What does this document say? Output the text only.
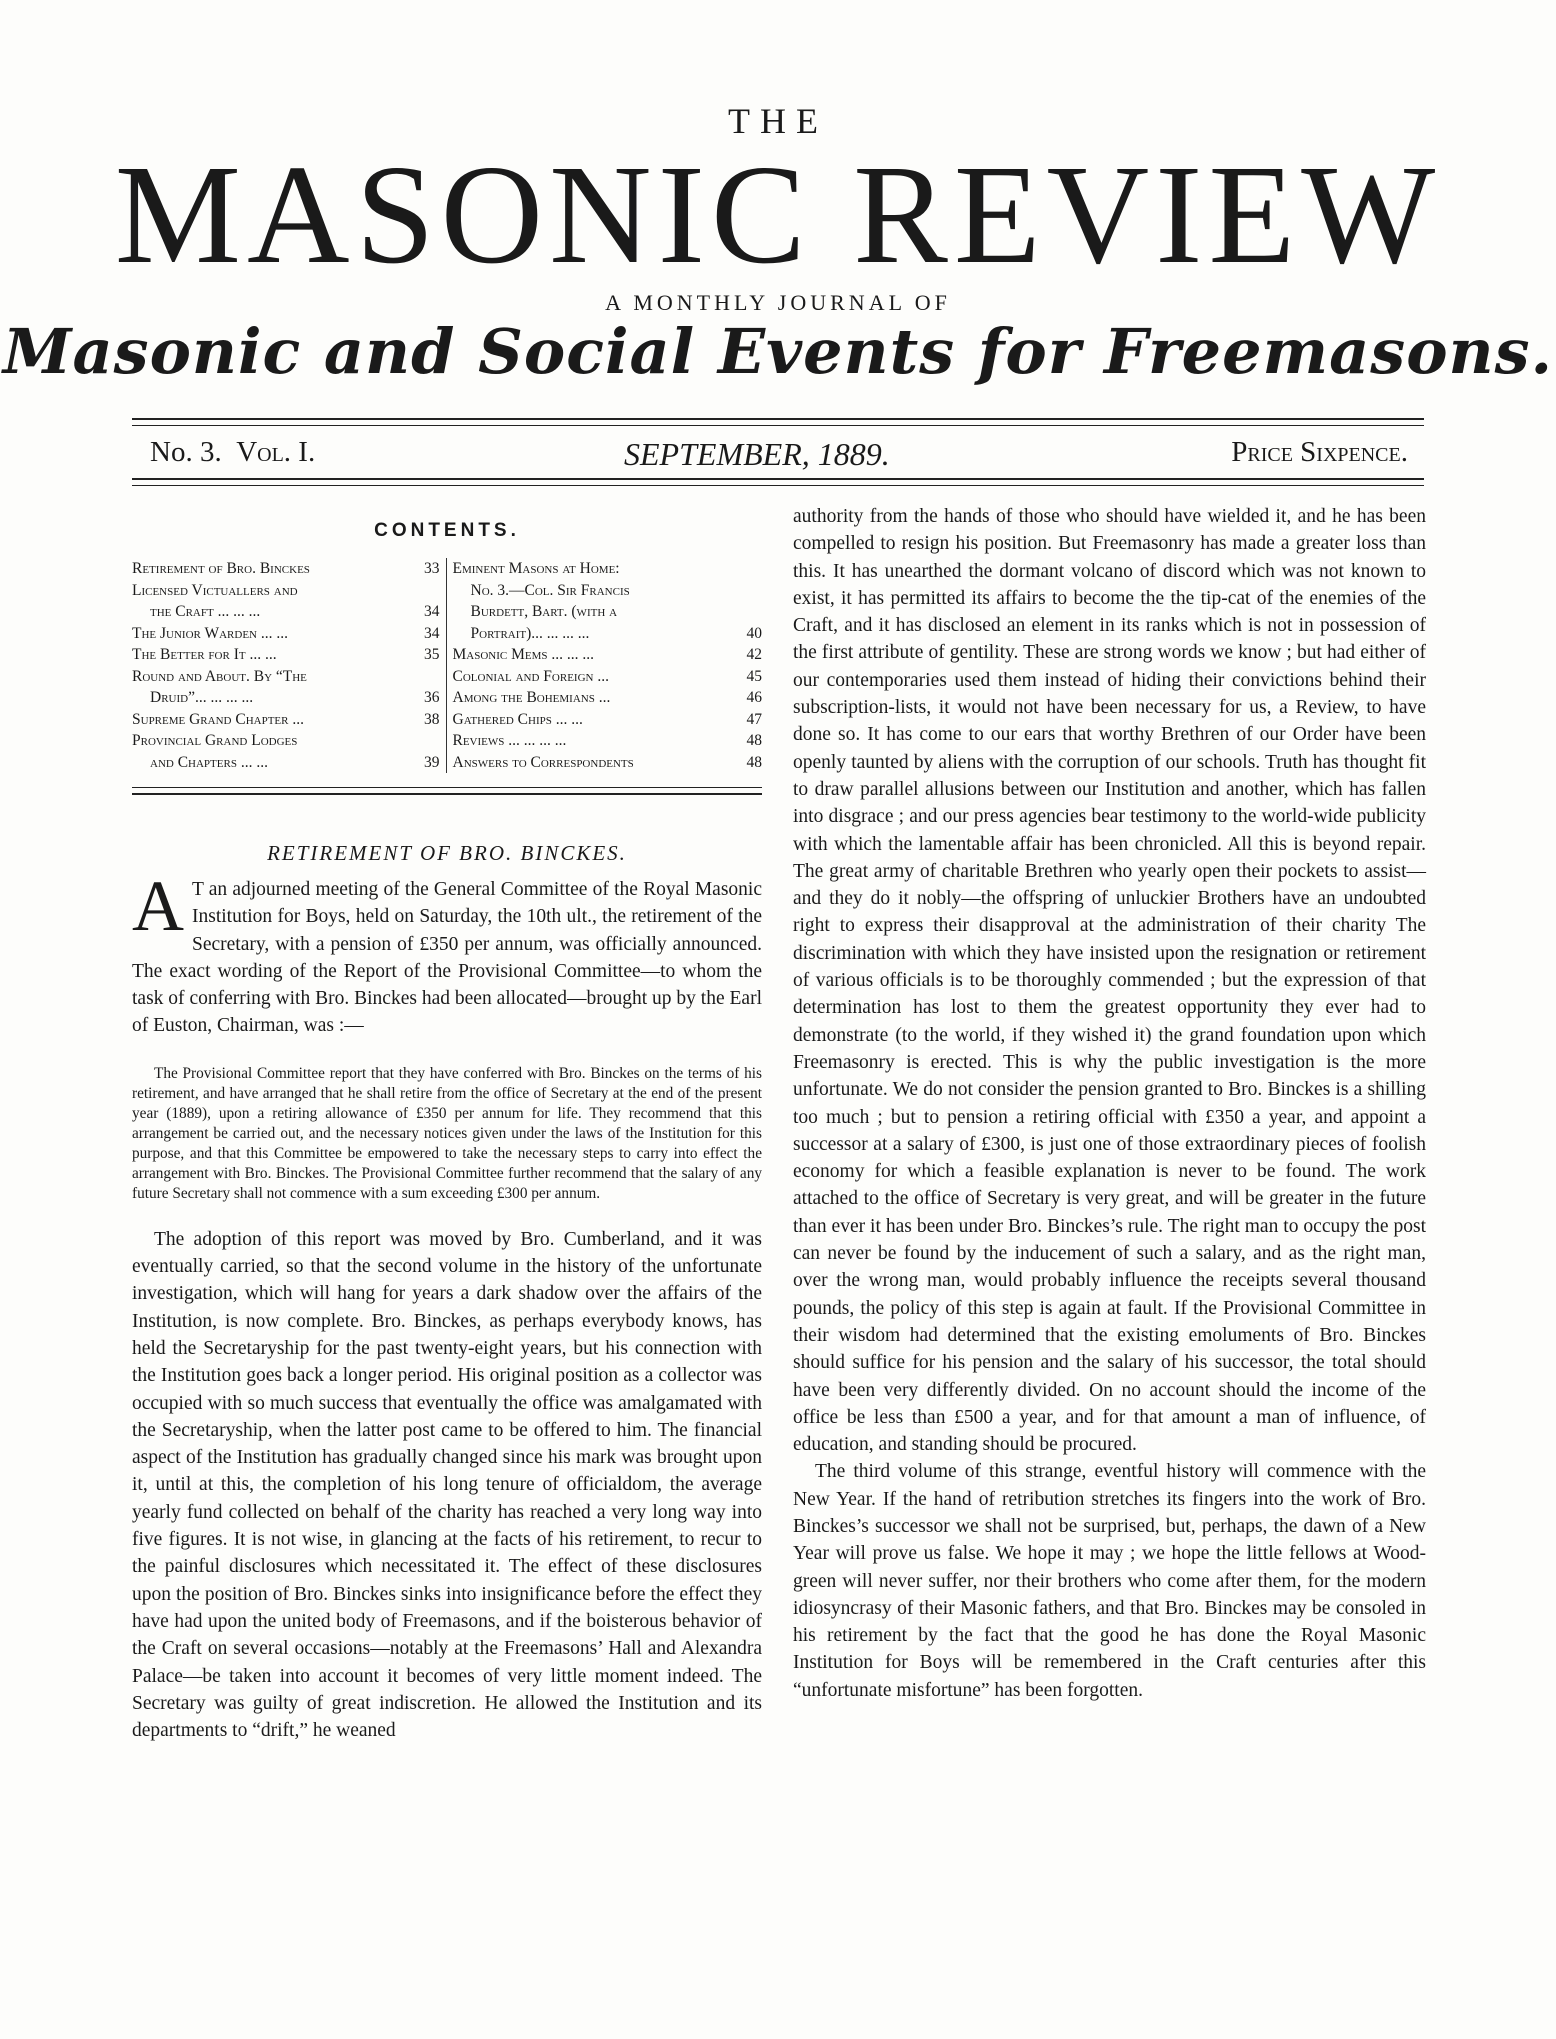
THE
MASONIC REVIEW
A MONTHLY JOURNAL OF
Masonic and Social Events for Freemasons.
No. 3. Vol. I.	SEPTEMBER, 1889.	Price Sixpence.
CONTENTS.
Retirement of Bro. Binckes	33
Licensed Victuallers and
the Craft ... ... ...	34
The Junior Warden ... ...	34
The Better for It ... ...	35
Round and About. By “The
Druid”... ... ... ...	36
Supreme Grand Chapter ...	38
Provincial Grand Lodges
and Chapters ... ...	39
Eminent Masons at Home:
No. 3.—Col. Sir Francis
Burdett, Bart. (with a
Portrait)... ... ... ...	40
Masonic Mems ... ... ...	42
Colonial and Foreign ...	45
Among the Bohemians ...	46
Gathered Chips ... ...	47
Reviews ... ... ... ...	48
Answers to Correspondents	48
RETIREMENT OF BRO. BINCKES.

A T an adjourned meeting of the General Committee of the Royal Masonic Institution for Boys, held on Saturday, the 10th ult., the retirement of the Secretary, with a pension of £350 per annum, was officially announced. The exact wording of the Report of the Provisional Committee—to whom the task of conferring with Bro. Binckes had been allocated—brought up by the Earl of Euston, Chairman, was :—

The Provisional Committee report that they have conferred with Bro. Binckes on the terms of his retirement, and have arranged that he shall retire from the office of Secretary at the end of the present year (1889), upon a retiring allowance of £350 per annum for life. They recommend that this arrangement be carried out, and the necessary notices given under the laws of the Institution for this purpose, and that this Committee be empowered to take the necessary steps to carry into effect the arrangement with Bro. Binckes. The Provisional Committee further recommend that the salary of any future Secretary shall not commence with a sum exceeding £300 per annum.

The adoption of this report was moved by Bro. Cumberland, and it was eventually carried, so that the second volume in the history of the unfortunate investigation, which will hang for years a dark shadow over the affairs of the Institution, is now complete. Bro. Binckes, as perhaps everybody knows, has held the Secretaryship for the past twenty-eight years, but his connection with the Institution goes back a longer period. His original position as a collector was occupied with so much success that eventually the office was amalgamated with the Secretaryship, when the latter post came to be offered to him. The financial aspect of the Institution has gradually changed since his mark was brought upon it, until at this, the completion of his long tenure of officialdom, the average yearly fund collected on behalf of the charity has reached a very long way into five figures. It is not wise, in glancing at the facts of his retirement, to recur to the painful disclosures which necessitated it. The effect of these disclosures upon the position of Bro. Binckes sinks into insignificance before the effect they have had upon the united body of Freemasons, and if the boisterous behavior of the Craft on several occasions—notably at the Freemasons’ Hall and Alexandra Palace—be taken into account it becomes of very little moment indeed. The Secretary was guilty of great indiscretion. He allowed the Institution and its departments to “drift,” he weaned

authority from the hands of those who should have wielded it, and he has been compelled to resign his position. But Freemasonry has made a greater loss than this. It has unearthed the dormant volcano of discord which was not known to exist, it has permitted its affairs to become the the tip-cat of the enemies of the Craft, and it has disclosed an element in its ranks which is not in possession of the first attribute of gentility. These are strong words we know ; but had either of our contemporaries used them instead of hiding their convictions behind their subscription-lists, it would not have been necessary for us, a Review, to have done so. It has come to our ears that worthy Brethren of our Order have been openly taunted by aliens with the corruption of our schools. Truth has thought fit to draw parallel allusions between our Institution and another, which has fallen into disgrace ; and our press agencies bear testimony to the world-wide publicity with which the lamentable affair has been chronicled. All this is beyond repair. The great army of charitable Brethren who yearly open their pockets to assist—and they do it nobly—the offspring of unluckier Brothers have an undoubted right to express their disapproval at the administration of their charity The discrimination with which they have insisted upon the resignation or retirement of various officials is to be thoroughly commended ; but the expression of that determination has lost to them the greatest opportunity they ever had to demonstrate (to the world, if they wished it) the grand foundation upon which Freemasonry is erected. This is why the public investigation is the more unfortunate. We do not consider the pension granted to Bro. Binckes is a shilling too much ; but to pension a retiring official with £350 a year, and appoint a successor at a salary of £300, is just one of those extraordinary pieces of foolish economy for which a feasible explanation is never to be found. The work attached to the office of Secretary is very great, and will be greater in the future than ever it has been under Bro. Binckes’s rule. The right man to occupy the post can never be found by the inducement of such a salary, and as the right man, over the wrong man, would probably influence the receipts several thousand pounds, the policy of this step is again at fault. If the Provisional Committee in their wisdom had determined that the existing emoluments of Bro. Binckes should suffice for his pension and the salary of his successor, the total should have been very differently divided. On no account should the income of the office be less than £500 a year, and for that amount a man of influence, of education, and standing should be procured.

The third volume of this strange, eventful history will commence with the New Year. If the hand of retribution stretches its fingers into the work of Bro. Binckes’s successor we shall not be surprised, but, perhaps, the dawn of a New Year will prove us false. We hope it may ; we hope the little fellows at Wood-green will never suffer, nor their brothers who come after them, for the modern idiosyncrasy of their Masonic fathers, and that Bro. Binckes may be consoled in his retirement by the fact that the good he has done the Royal Masonic Institution for Boys will be remembered in the Craft centuries after this “unfortunate misfortune” has been forgotten.
